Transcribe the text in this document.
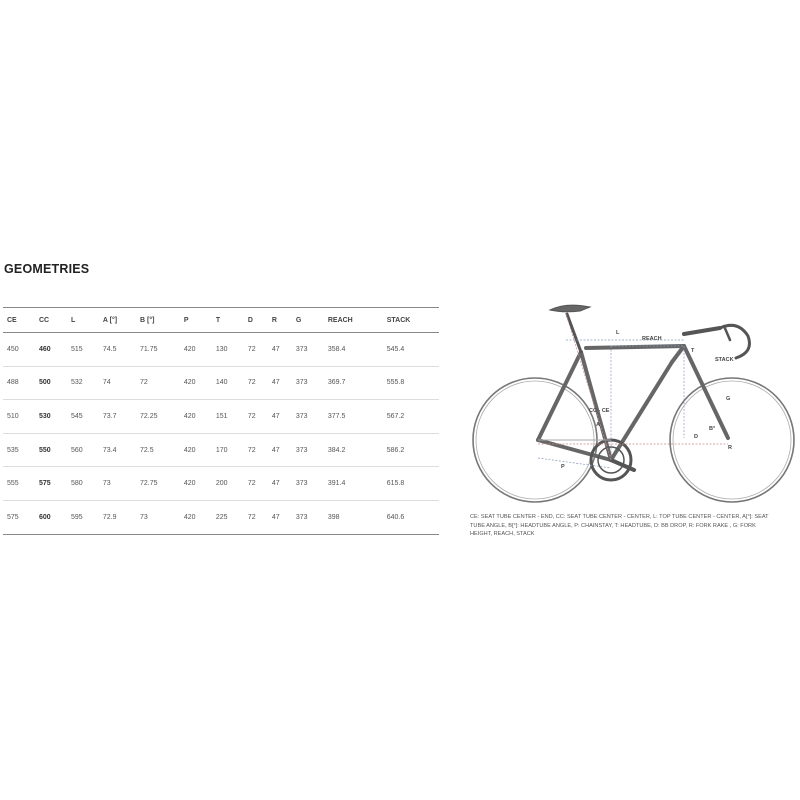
GEOMETRIES
CE	CC	L	A [°]	B [°]	P	T	D	R	G	REACH	STACK
450	460	515	74.5	71.75	420	130	72	47	373	358.4	545.4
488	500	532	74	72	420	140	72	47	373	369.7	555.8
510	530	545	73.7	72.25	420	151	72	47	373	377.5	567.2
535	550	560	73.4	72.5	420	170	72	47	373	384.2	586.2
555	575	580	73	72.75	420	200	72	47	373	391.4	615.8
575	600	595	72.9	73	420	225	72	47	373	398	640.6
L
REACH
T
STACK
G
B°
R
D
CC - CE
A
P
CE: SEAT TUBE CENTER - END, CC: SEAT TUBE CENTER - CENTER, L: TOP TUBE CENTER - CENTER, A[°]: SEAT TUBE ANGLE, B[°]: HEADTUBE ANGLE, P: CHAINSTAY, T: HEADTUBE, D: BB DROP, R: FORK RAKE , G: FORK HEIGHT, REACH, STACK
